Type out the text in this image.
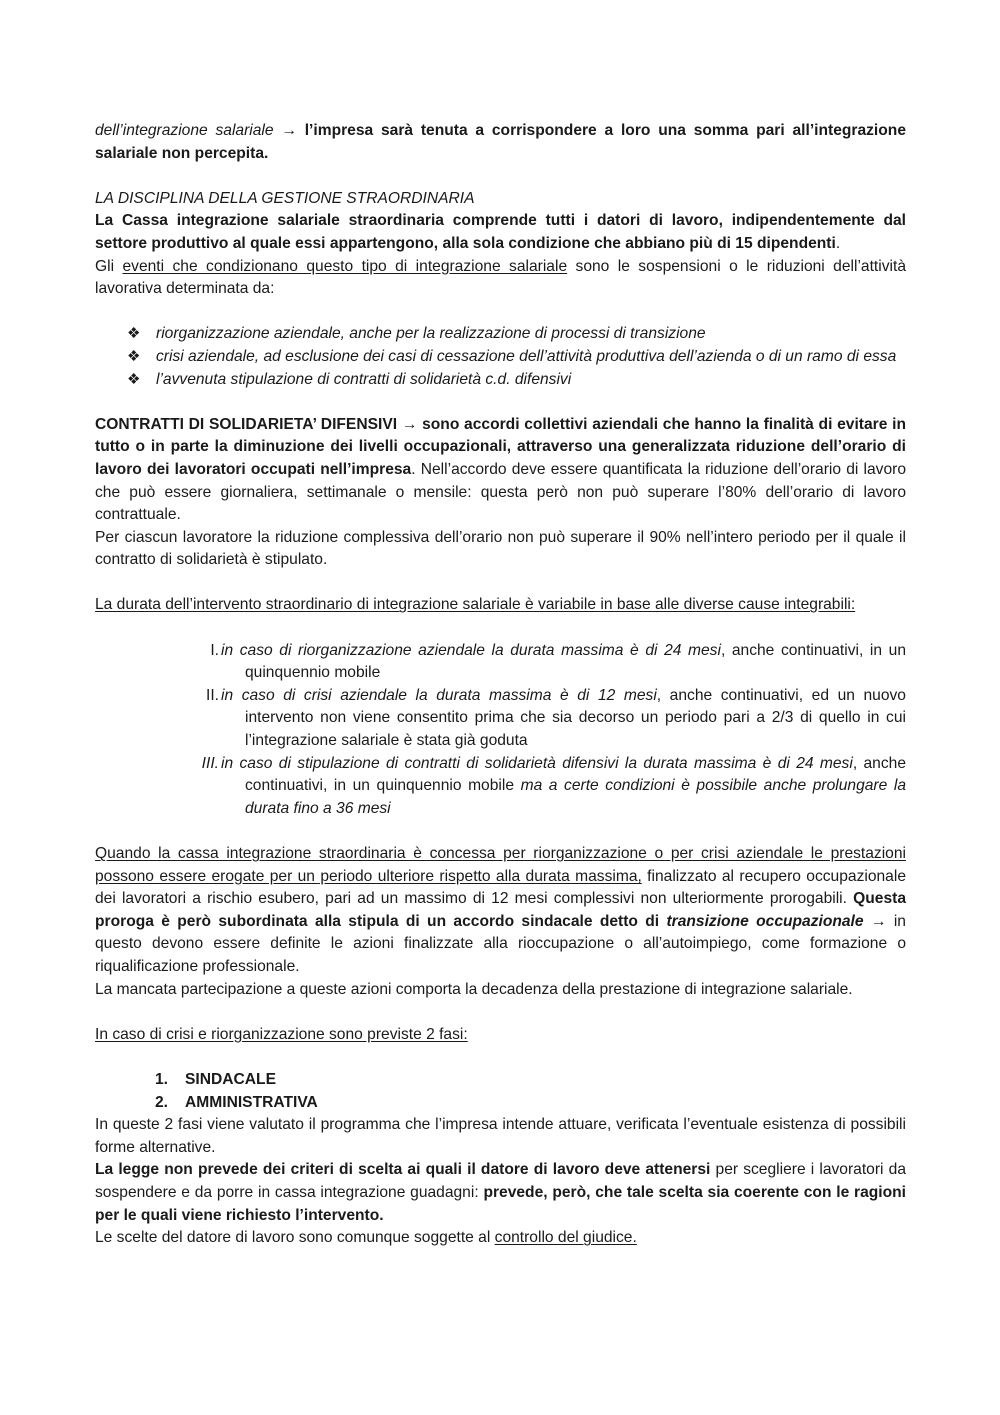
dell’integrazione salariale → l’impresa sarà tenuta a corrispondere a loro una somma pari all’integrazione salariale non percepita.

LA DISCIPLINA DELLA GESTIONE STRAORDINARIA

La Cassa integrazione salariale straordinaria comprende tutti i datori di lavoro, indipendentemente dal settore produttivo al quale essi appartengono, alla sola condizione che abbiano più di 15 dipendenti.

Gli eventi che condizionano questo tipo di integrazione salariale sono le sospensioni o le riduzioni dell’attività lavorativa determinata da:

❖ riorganizzazione aziendale, anche per la realizzazione di processi di transizione
❖ crisi aziendale, ad esclusione dei casi di cessazione dell’attività produttiva dell’azienda o di un ramo di essa
❖ l’avvenuta stipulazione di contratti di solidarietà c.d. difensivi

CONTRATTI DI SOLIDARIETA’ DIFENSIVI → sono accordi collettivi aziendali che hanno la finalità di evitare in tutto o in parte la diminuzione dei livelli occupazionali, attraverso una generalizzata riduzione dell’orario di lavoro dei lavoratori occupati nell’impresa. Nell’accordo deve essere quantificata la riduzione dell’orario di lavoro che può essere giornaliera, settimanale o mensile: questa però non può superare l’80% dell’orario di lavoro contrattuale.

Per ciascun lavoratore la riduzione complessiva dell’orario non può superare il 90% nell’intero periodo per il quale il contratto di solidarietà è stipulato.

La durata dell’intervento straordinario di integrazione salariale è variabile in base alle diverse cause integrabili:

I. in caso di riorganizzazione aziendale la durata massima è di 24 mesi, anche continuativi, in un quinquennio mobile
II. in caso di crisi aziendale la durata massima è di 12 mesi, anche continuativi, ed un nuovo intervento non viene consentito prima che sia decorso un periodo pari a 2/3 di quello in cui l’integrazione salariale è stata già goduta
III. in caso di stipulazione di contratti di solidarietà difensivi la durata massima è di 24 mesi, anche continuativi, in un quinquennio mobile ma a certe condizioni è possibile anche prolungare la durata fino a 36 mesi

Quando la cassa integrazione straordinaria è concessa per riorganizzazione o per crisi aziendale le prestazioni possono essere erogate per un periodo ulteriore rispetto alla durata massima, finalizzato al recupero occupazionale dei lavoratori a rischio esubero, pari ad un massimo di 12 mesi complessivi non ulteriormente prorogabili. Questa proroga è però subordinata alla stipula di un accordo sindacale detto di transizione occupazionale → in questo devono essere definite le azioni finalizzate alla rioccupazione o all’autoimpiego, come formazione o riqualificazione professionale.

La mancata partecipazione a queste azioni comporta la decadenza della prestazione di integrazione salariale.

In caso di crisi e riorganizzazione sono previste 2 fasi:

1. SINDACALE
2. AMMINISTRATIVA

In queste 2 fasi viene valutato il programma che l’impresa intende attuare, verificata l’eventuale esistenza di possibili forme alternative.

La legge non prevede dei criteri di scelta ai quali il datore di lavoro deve attenersi per scegliere i lavoratori da sospendere e da porre in cassa integrazione guadagni: prevede, però, che tale scelta sia coerente con le ragioni per le quali viene richiesto l’intervento.

Le scelte del datore di lavoro sono comunque soggette al controllo del giudice.
